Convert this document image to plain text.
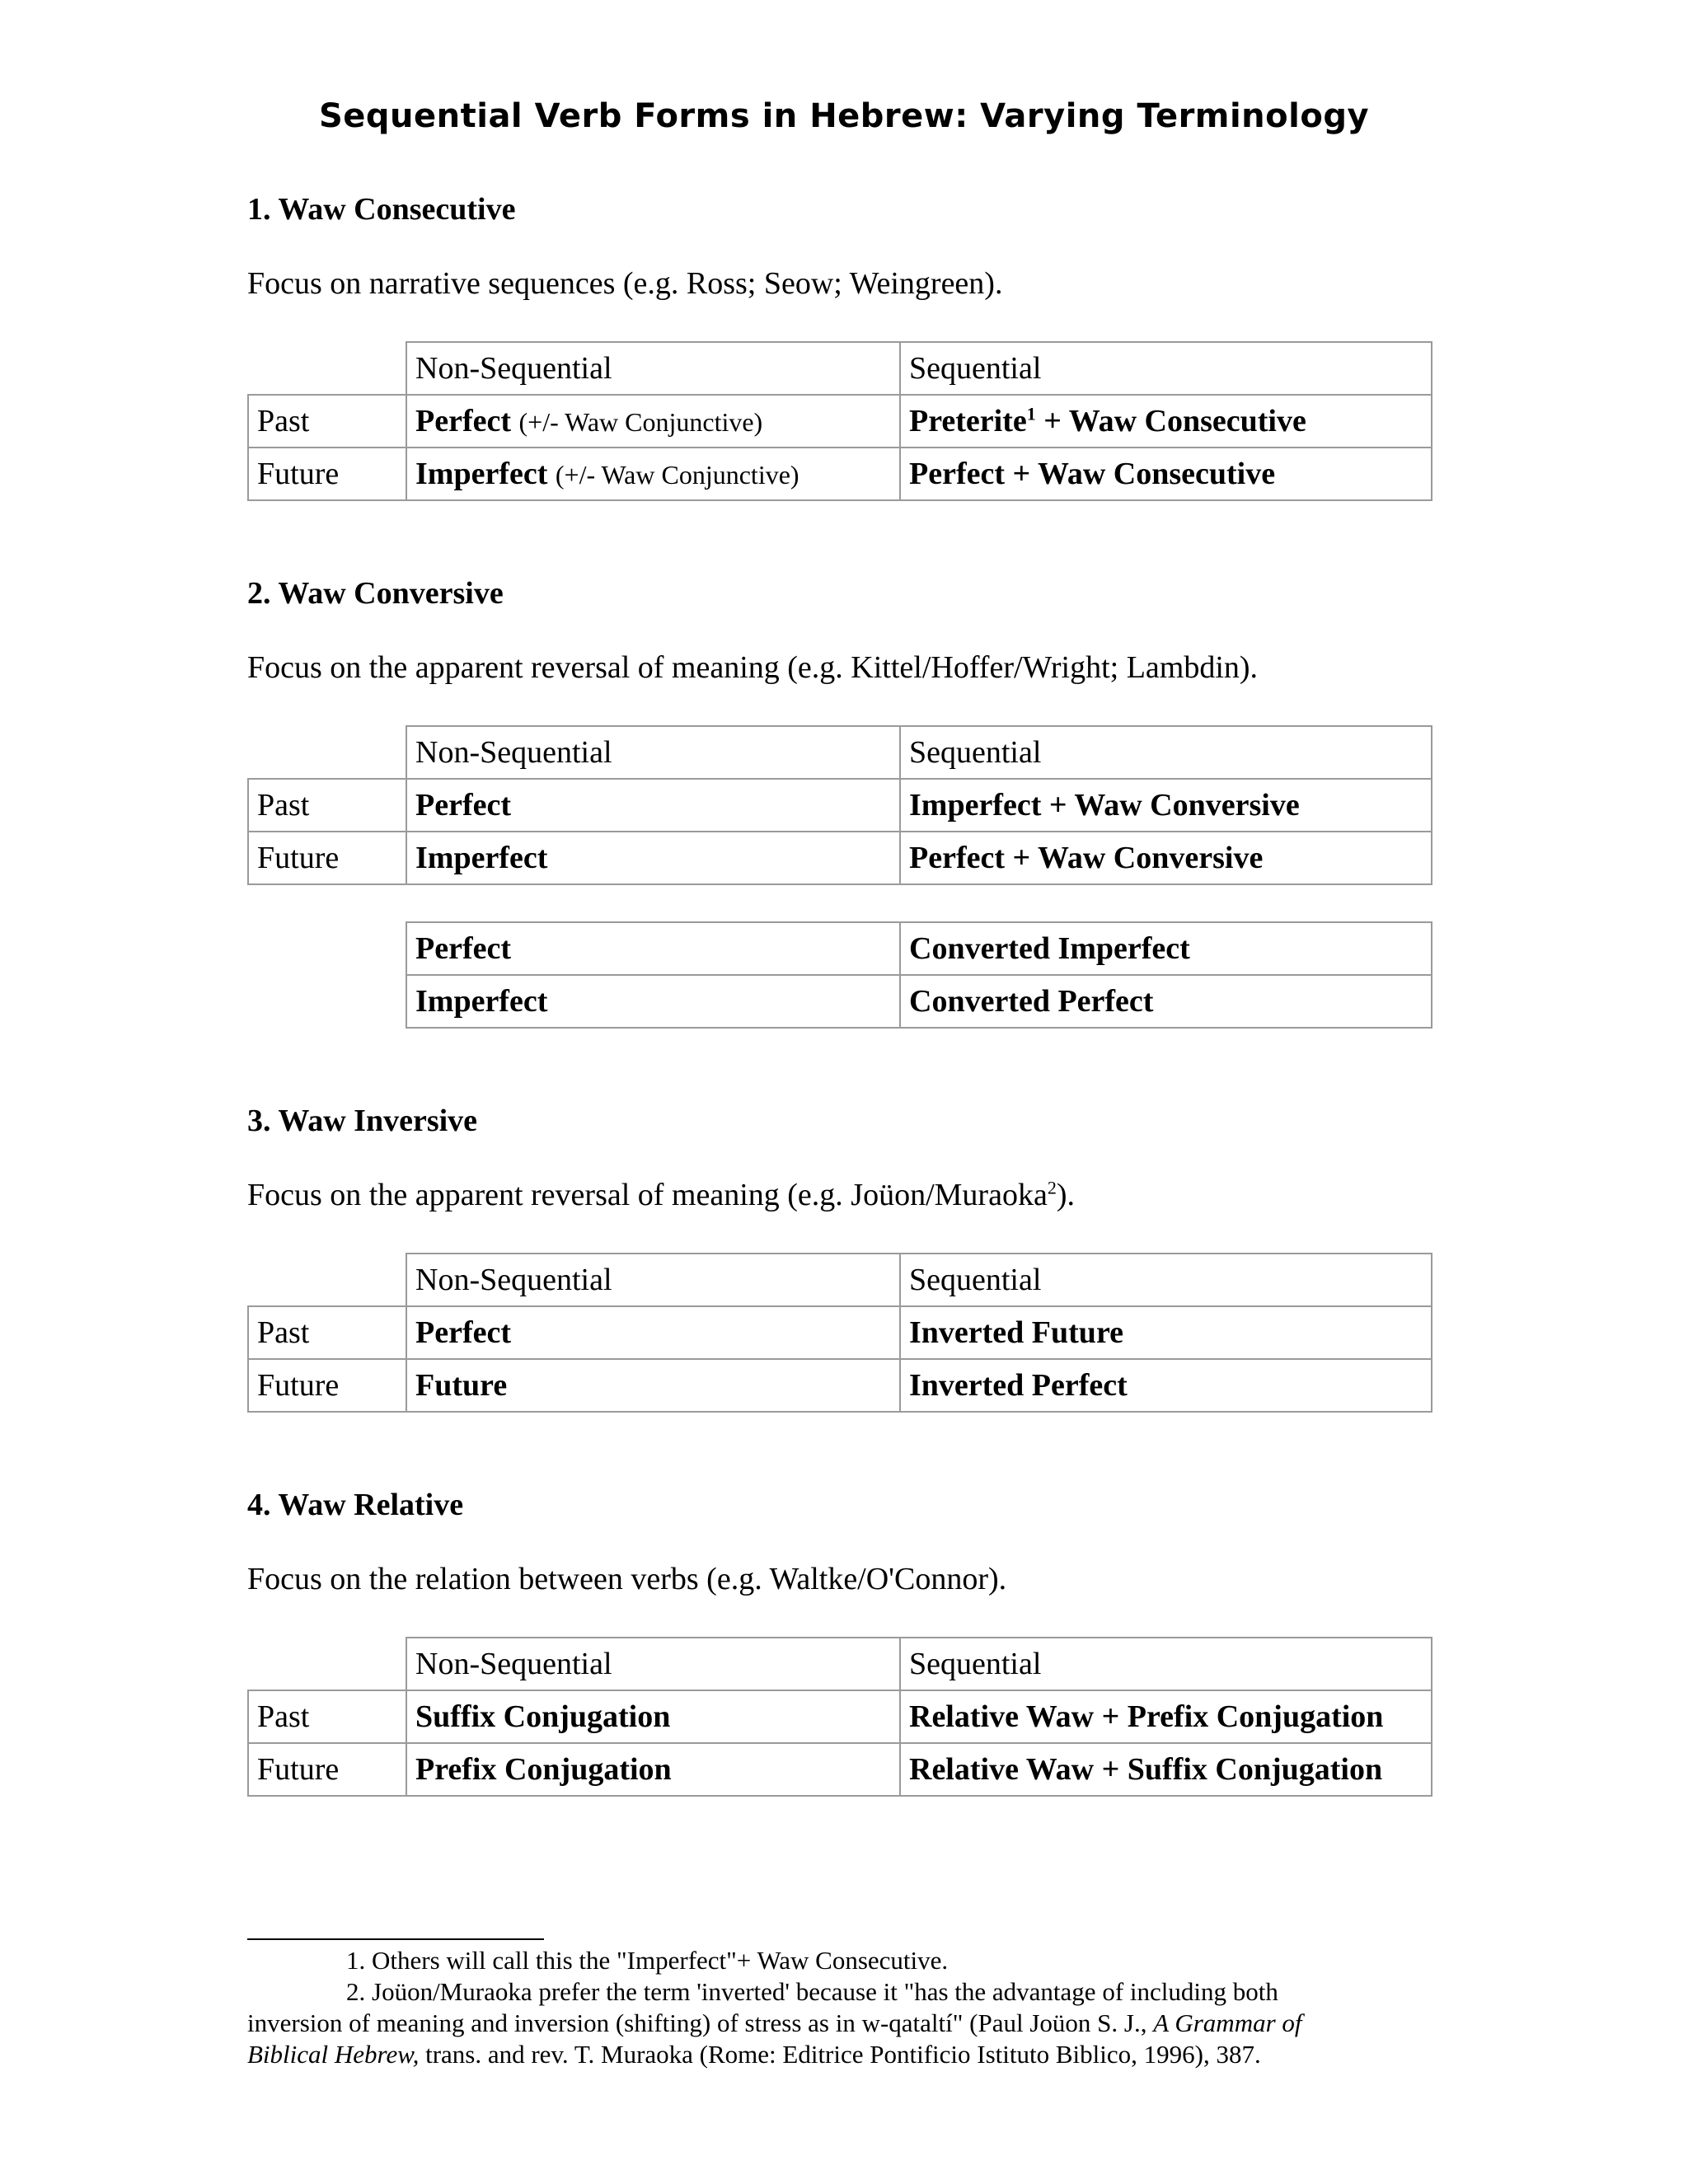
Sequential Verb Forms in Hebrew: Varying Terminology
1. Waw Consecutive
Focus on narrative sequences (e.g. Ross; Seow; Weingreen).
	Non-Sequential	Sequential
Past	Perfect (+/- Waw Conjunctive)	Preterite$^1$ + Waw Consecutive
Future	Imperfect (+/- Waw Conjunctive)	Perfect + Waw Consecutive
2. Waw Conversive
Focus on the apparent reversal of meaning (e.g. Kittel/Hoffer/Wright; Lambdin).
	Non-Sequential	Sequential
Past	Perfect	Imperfect + Waw Conversive
Future	Imperfect	Perfect + Waw Conversive
Perfect	Converted Imperfect
Imperfect	Converted Perfect
3. Waw Inversive
Focus on the apparent reversal of meaning (e.g. Joüon/Muraoka$^2$).
	Non-Sequential	Sequential
Past	Perfect	Inverted Future
Future	Future	Inverted Perfect
4. Waw Relative
Focus on the relation between verbs (e.g. Waltke/O'Connor).
	Non-Sequential	Sequential
Past	Suffix Conjugation	Relative Waw + Prefix Conjugation
Future	Prefix Conjugation	Relative Waw + Suffix Conjugation

1. Others will call this the "Imperfect"+ Waw Consecutive.

2. Joüon/Muraoka prefer the term 'inverted' because it "has the advantage of including both

inversion of meaning and inversion (shifting) of stress as in w-qataltí" (Paul Joüon S. J., A Grammar of

Biblical Hebrew, trans. and rev. T. Muraoka (Rome: Editrice Pontificio Istituto Biblico, 1996), 387.
